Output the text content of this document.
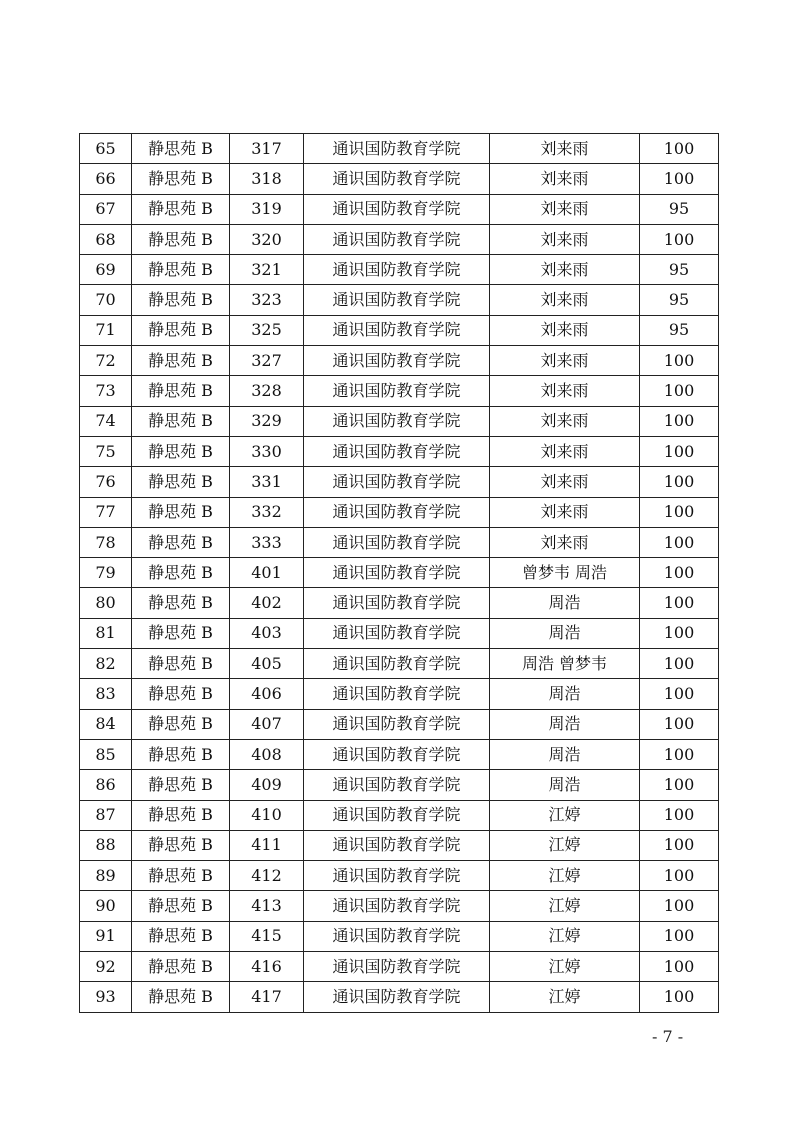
65	静思苑 B	317	通识国防教育学院	刘来雨	100
66	静思苑 B	318	通识国防教育学院	刘来雨	100
67	静思苑 B	319	通识国防教育学院	刘来雨	95
68	静思苑 B	320	通识国防教育学院	刘来雨	100
69	静思苑 B	321	通识国防教育学院	刘来雨	95
70	静思苑 B	323	通识国防教育学院	刘来雨	95
71	静思苑 B	325	通识国防教育学院	刘来雨	95
72	静思苑 B	327	通识国防教育学院	刘来雨	100
73	静思苑 B	328	通识国防教育学院	刘来雨	100
74	静思苑 B	329	通识国防教育学院	刘来雨	100
75	静思苑 B	330	通识国防教育学院	刘来雨	100
76	静思苑 B	331	通识国防教育学院	刘来雨	100
77	静思苑 B	332	通识国防教育学院	刘来雨	100
78	静思苑 B	333	通识国防教育学院	刘来雨	100
79	静思苑 B	401	通识国防教育学院	曾梦韦 周浩	100
80	静思苑 B	402	通识国防教育学院	周浩	100
81	静思苑 B	403	通识国防教育学院	周浩	100
82	静思苑 B	405	通识国防教育学院	周浩 曾梦韦	100
83	静思苑 B	406	通识国防教育学院	周浩	100
84	静思苑 B	407	通识国防教育学院	周浩	100
85	静思苑 B	408	通识国防教育学院	周浩	100
86	静思苑 B	409	通识国防教育学院	周浩	100
87	静思苑 B	410	通识国防教育学院	江婷	100
88	静思苑 B	411	通识国防教育学院	江婷	100
89	静思苑 B	412	通识国防教育学院	江婷	100
90	静思苑 B	413	通识国防教育学院	江婷	100
91	静思苑 B	415	通识国防教育学院	江婷	100
92	静思苑 B	416	通识国防教育学院	江婷	100
93	静思苑 B	417	通识国防教育学院	江婷	100
- 7 -
